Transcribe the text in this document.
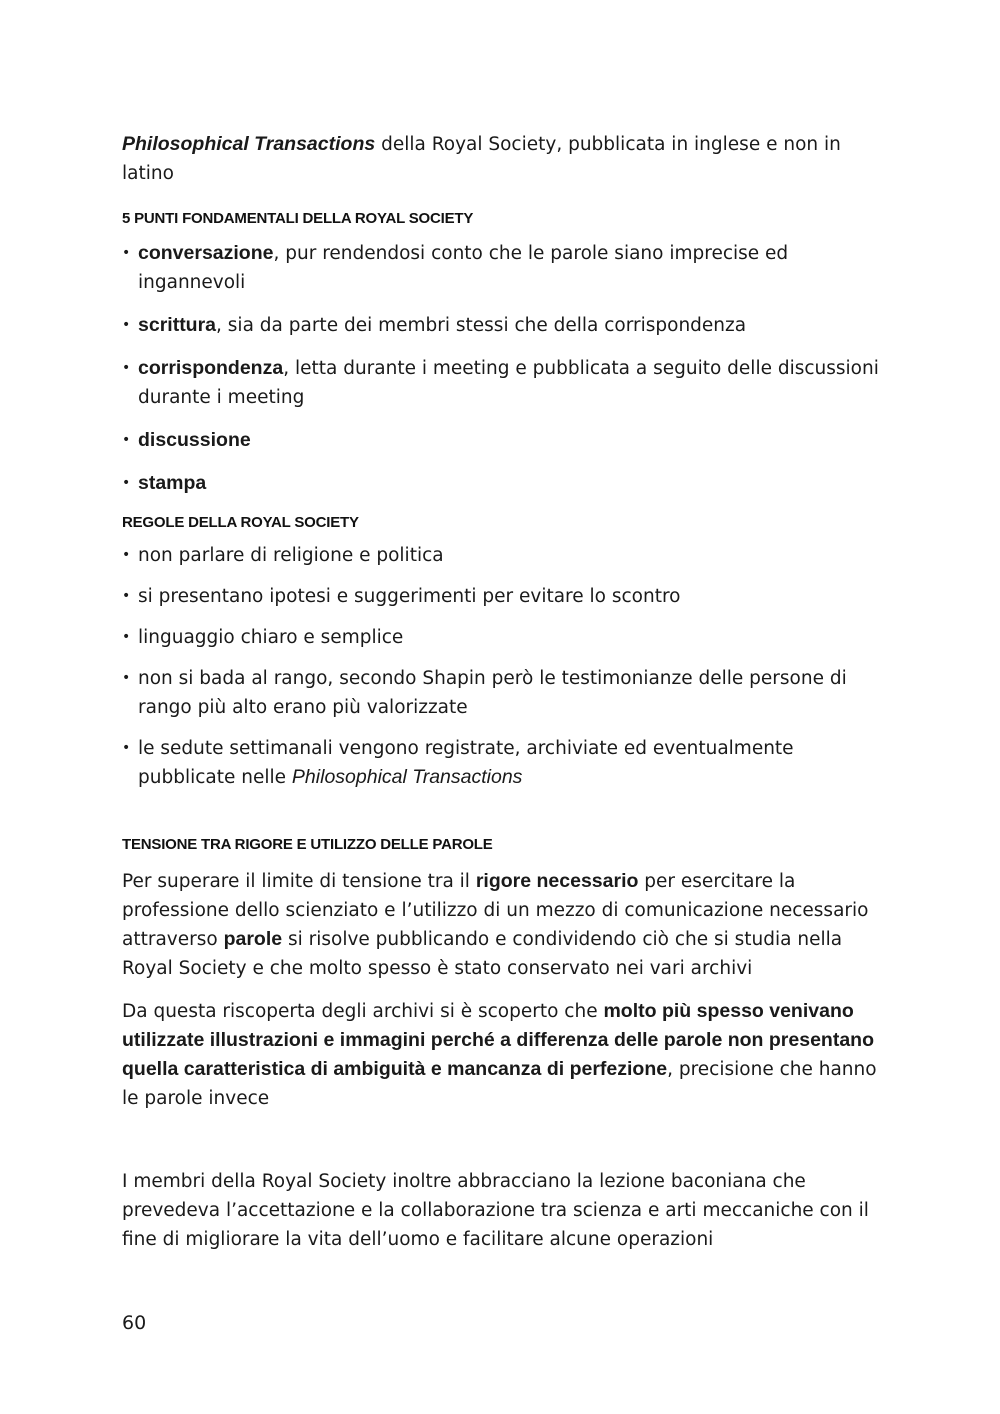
Philosophical Transactions della Royal Society, pubblicata in inglese e non in latino

5 PUNTI FONDAMENTALI DELLA ROYAL SOCIETY

• conversazione, pur rendendosi conto che le parole siano imprecise ed ingannevoli
• scrittura, sia da parte dei membri stessi che della corrispondenza
• corrispondenza, letta durante i meeting e pubblicata a seguito delle discussioni durante i meeting
• discussione
• stampa

REGOLE DELLA ROYAL SOCIETY

• non parlare di religione e politica
• si presentano ipotesi e suggerimenti per evitare lo scontro
• linguaggio chiaro e semplice
• non si bada al rango, secondo Shapin però le testimonianze delle persone di rango più alto erano più valorizzate
• le sedute settimanali vengono registrate, archiviate ed eventualmente pubblicate nelle Philosophical Transactions

TENSIONE TRA RIGORE E UTILIZZO DELLE PAROLE

Per superare il limite di tensione tra il rigore necessario per esercitare la professione dello scienziato e l’utilizzo di un mezzo di comunicazione necessario attraverso parole si risolve pubblicando e condividendo ciò che si studia nella Royal Society e che molto spesso è stato conservato nei vari archivi

Da questa riscoperta degli archivi si è scoperto che molto più spesso venivano utilizzate illustrazioni e immagini perché a differenza delle parole non presentano quella caratteristica di ambiguità e mancanza di perfezione, precisione che hanno le parole invece

I membri della Royal Society inoltre abbracciano la lezione baconiana che prevedeva l’accettazione e la collaborazione tra scienza e arti meccaniche con il fine di migliorare la vita dell’uomo e facilitare alcune operazioni

60
